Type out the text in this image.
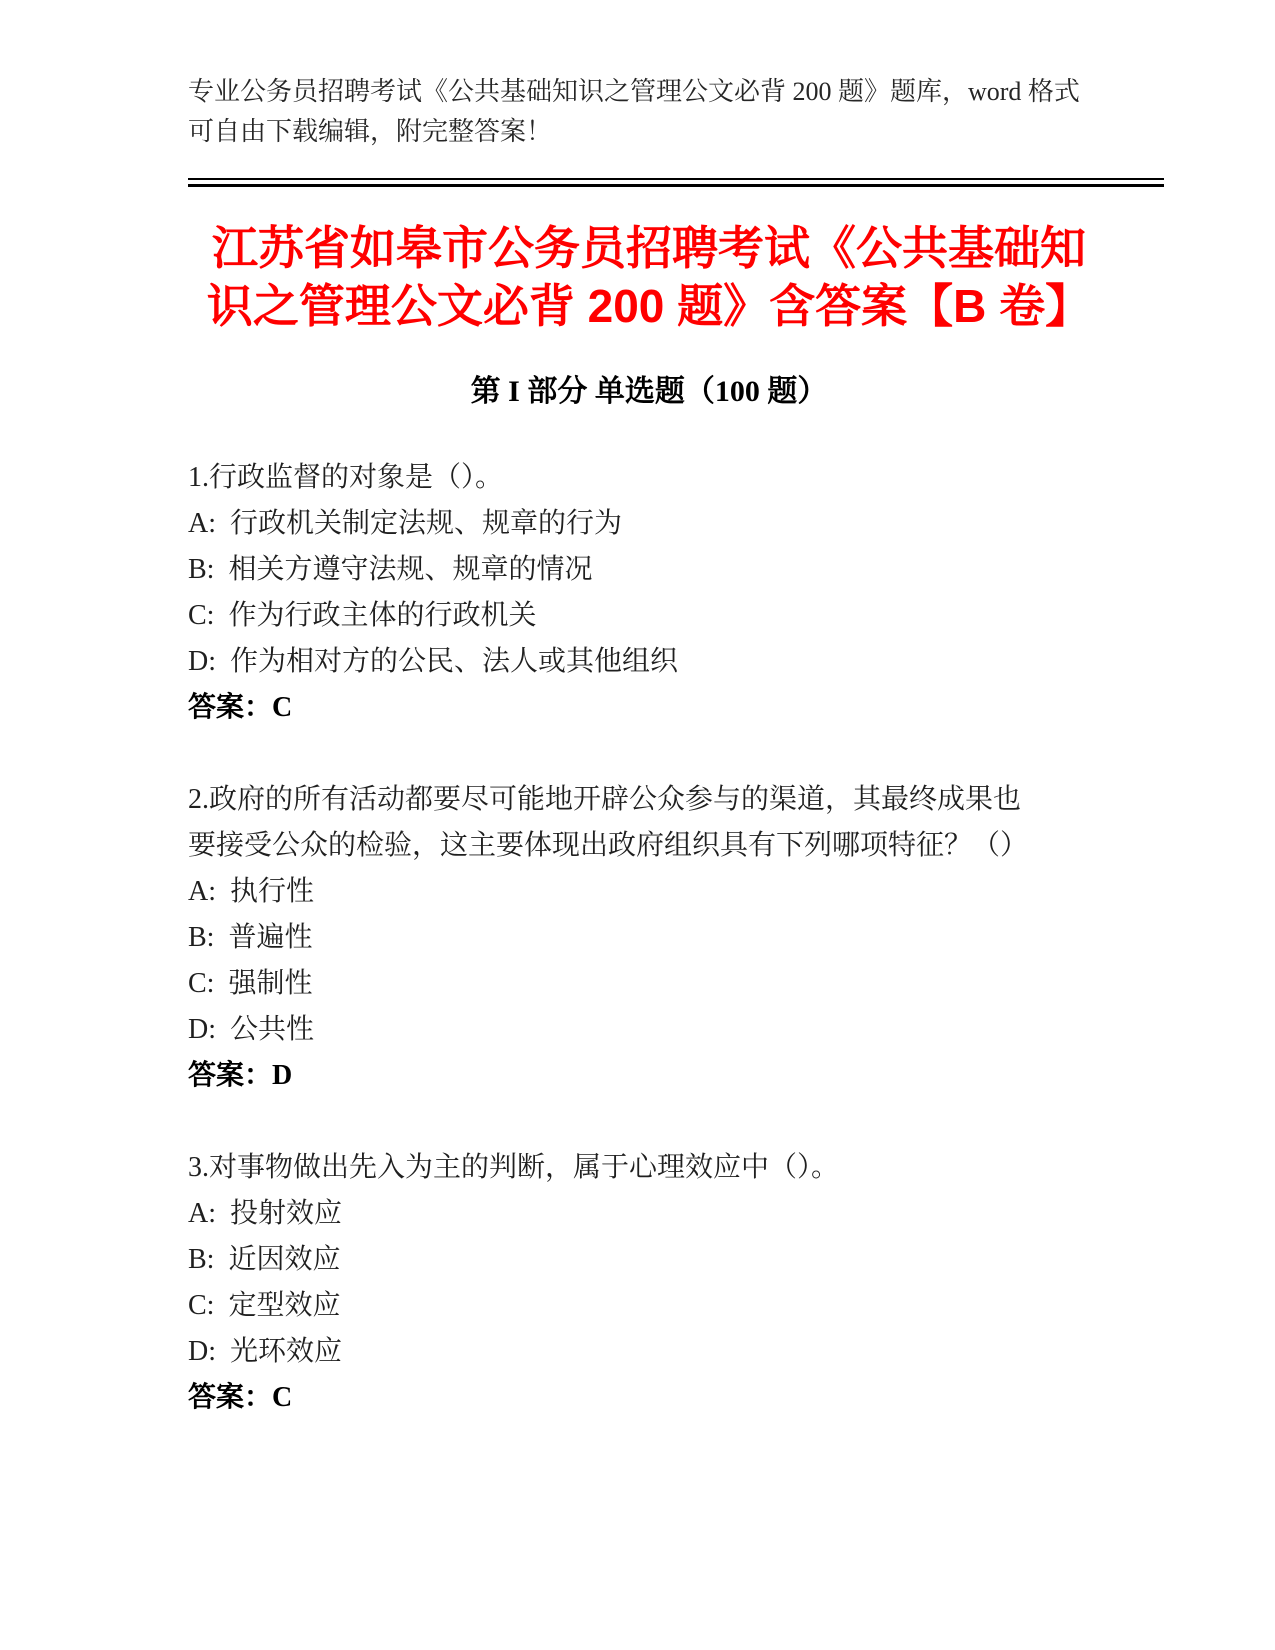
专业公务员招聘考试《公共基础知识之管理公文必背 200 题》题库，word 格式可自由下载编辑，附完整答案！

江苏省如皋市公务员招聘考试《公共基础知识之管理公文必背 200 题》含答案【B 卷】
第 I 部分 单选题（100 题）

1.行政监督的对象是（）。

A:  行政机关制定法规、规章的行为

B:  相关方遵守法规、规章的情况

C:  作为行政主体的行政机关

D:  作为相对方的公民、法人或其他组织

答案：C

2.政府的所有活动都要尽可能地开辟公众参与的渠道，其最终成果也要接受公众的检验，这主要体现出政府组织具有下列哪项特征？（）

A:  执行性

B:  普遍性

C:  强制性

D:  公共性

答案：D

3.对事物做出先入为主的判断，属于心理效应中（）。

A:  投射效应

B:  近因效应

C:  定型效应

D:  光环效应

答案：C
